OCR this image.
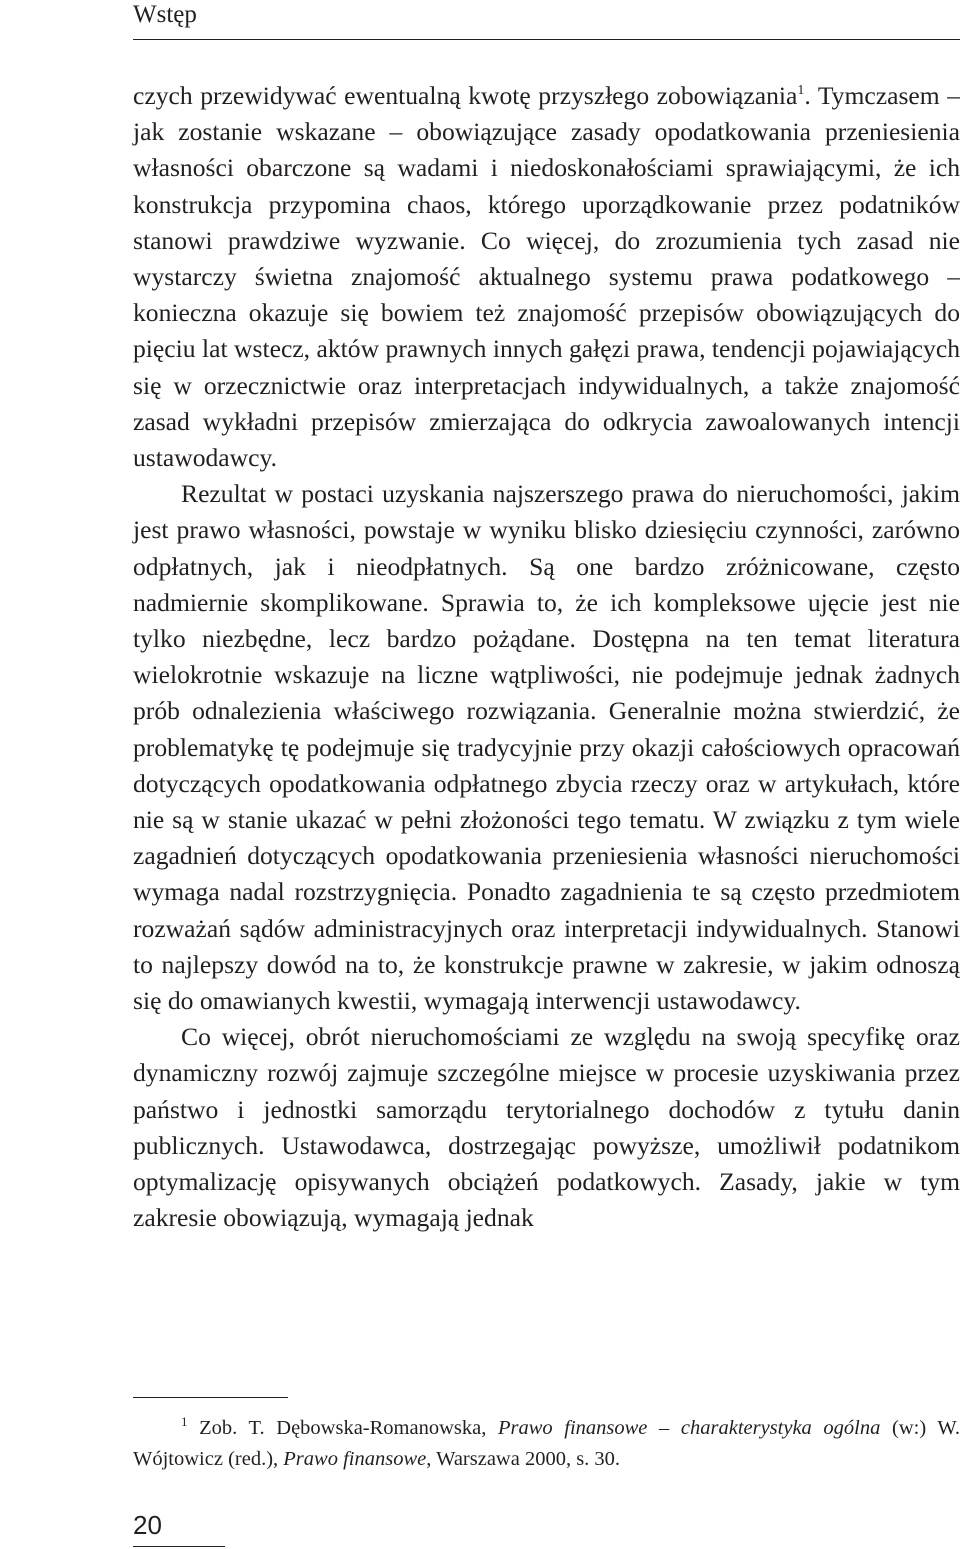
Wstęp

czych przewidywać ewentualną kwotę przyszłego zobowiązania$^1$. Tymczasem – jak zostanie wskazane – obowiązujące zasady opodatkowania przeniesienia własności obarczone są wadami i niedoskonałościami sprawiającymi, że ich konstrukcja przypomina chaos, którego uporządkowanie przez podatników stanowi prawdziwe wyzwanie. Co więcej, do zrozumienia tych zasad nie wystarczy świetna znajomość aktualnego systemu prawa podatkowego – konieczna okazuje się bowiem też znajomość przepisów obowiązujących do pięciu lat wstecz, aktów prawnych innych gałęzi prawa, tendencji pojawiających się w orzecznictwie oraz interpretacjach indywidualnych, a także znajomość zasad wykładni przepisów zmierzająca do odkrycia zawoalowanych intencji ustawodawcy.

Rezultat w postaci uzyskania najszerszego prawa do nieruchomości, jakim jest prawo własności, powstaje w wyniku blisko dziesięciu czynności, zarówno odpłatnych, jak i nieodpłatnych. Są one bardzo zróżnicowane, często nadmiernie skomplikowane. Sprawia to, że ich kompleksowe ujęcie jest nie tylko niezbędne, lecz bardzo pożądane. Dostępna na ten temat literatura wielokrotnie wskazuje na liczne wątpliwości, nie podejmuje jednak żadnych prób odnalezienia właściwego rozwiązania. Generalnie można stwierdzić, że problematykę tę podejmuje się tradycyjnie przy okazji całościowych opracowań dotyczących opodatkowania odpłatnego zbycia rzeczy oraz w artykułach, które nie są w stanie ukazać w pełni złożoności tego tematu. W związku z tym wiele zagadnień dotyczących opodatkowania przeniesienia własności nieruchomości wymaga nadal rozstrzygnięcia. Ponadto zagadnienia te są często przedmiotem rozważań sądów administracyjnych oraz interpretacji indywidualnych. Stanowi to najlepszy dowód na to, że konstrukcje prawne w zakresie, w jakim odnoszą się do omawianych kwestii, wymagają interwencji ustawodawcy.

Co więcej, obrót nieruchomościami ze względu na swoją specyfikę oraz dynamiczny rozwój zajmuje szczególne miejsce w procesie uzyskiwania przez państwo i jednostki samorządu terytorialnego dochodów z tytułu danin publicznych. Ustawodawca, dostrzegając powyższe, umożliwił podatnikom optymalizację opisywanych obciążeń podatkowych. Zasady, jakie w tym zakresie obowiązują, wymagają jednak

$^1$ Zob. T. Dębowska-Romanowska, Prawo finansowe – charakterystyka ogólna (w:) W. Wójtowicz (red.), Prawo finansowe, Warszawa 2000, s. 30.
20
